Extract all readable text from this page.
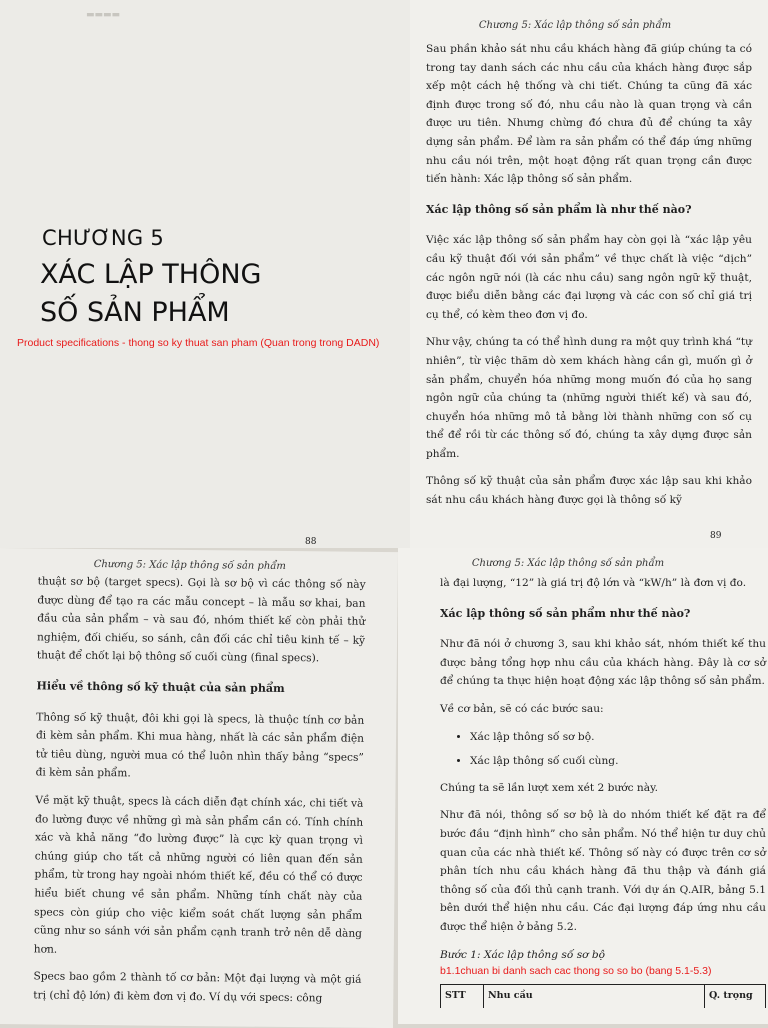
▬▬▬▬
CHƯƠNG 5
XÁC LẬP THÔNG
SỐ SẢN PHẨM
Product specifications - thong so ky thuat san pham (Quan trong trong DADN)
88
Chương 5: Xác lập thông số sản phẩm

Sau phần khảo sát nhu cầu khách hàng đã giúp chúng ta có trong tay danh sách các nhu cầu của khách hàng được sắp xếp một cách hệ thống và chi tiết. Chúng ta cũng đã xác định được trong số đó, nhu cầu nào là quan trọng và cần được ưu tiên. Nhưng chừng đó chưa đủ để chúng ta xây dựng sản phẩm. Để làm ra sản phẩm có thể đáp ứng những nhu cầu nói trên, một hoạt động rất quan trọng cần được tiến hành: Xác lập thông số sản phẩm.

Xác lập thông số sản phẩm là như thế nào?

Việc xác lập thông số sản phẩm hay còn gọi là “xác lập yêu cầu kỹ thuật đối với sản phẩm” về thực chất là việc “dịch” các ngôn ngữ nói (là các nhu cầu) sang ngôn ngữ kỹ thuật, được biểu diễn bằng các đại lượng và các con số chỉ giá trị cụ thể, có kèm theo đơn vị đo.

Như vậy, chúng ta có thể hình dung ra một quy trình khá “tự nhiên”, từ việc thăm dò xem khách hàng cần gì, muốn gì ở sản phẩm, chuyển hóa những mong muốn đó của họ sang ngôn ngữ của chúng ta (những người thiết kế) và sau đó, chuyển hóa những mô tả bằng lời thành những con số cụ thể để rồi từ các thông số đó, chúng ta xây dựng được sản phẩm.

Thông số kỹ thuật của sản phẩm được xác lập sau khi khảo sát nhu cầu khách hàng được gọi là thông số kỹ

89
Chương 5: Xác lập thông số sản phẩm

thuật sơ bộ (target specs). Gọi là sơ bộ vì các thông số này được dùng để tạo ra các mẫu concept – là mẫu sơ khai, ban đầu của sản phẩm – và sau đó, nhóm thiết kế còn phải thử nghiệm, đối chiếu, so sánh, cân đối các chỉ tiêu kinh tế – kỹ thuật để chốt lại bộ thông số cuối cùng (final specs).

Hiểu về thông số kỹ thuật của sản phẩm

Thông số kỹ thuật, đôi khi gọi là specs, là thuộc tính cơ bản đi kèm sản phẩm. Khi mua hàng, nhất là các sản phẩm điện tử tiêu dùng, người mua có thể luôn nhìn thấy bảng “specs” đi kèm sản phẩm.

Về mặt kỹ thuật, specs là cách diễn đạt chính xác, chi tiết và đo lường được về những gì mà sản phẩm cần có. Tính chính xác và khả năng “đo lường được” là cực kỳ quan trọng vì chúng giúp cho tất cả những người có liên quan đến sản phẩm, từ trong hay ngoài nhóm thiết kế, đều có thể có được hiểu biết chung về sản phẩm. Những tính chất này của specs còn giúp cho việc kiểm soát chất lượng sản phẩm cũng như so sánh với sản phẩm cạnh tranh trở nên dễ dàng hơn.

Specs bao gồm 2 thành tố cơ bản: Một đại lượng và một giá trị (chỉ độ lớn) đi kèm đơn vị đo. Ví dụ với specs: công

Chương 5: Xác lập thông số sản phẩm

là đại lượng, “12” là giá trị độ lớn và “kW/h” là đơn vị đo.

Xác lập thông số sản phẩm như thế nào?

Như đã nói ở chương 3, sau khi khảo sát, nhóm thiết kế thu được bảng tổng hợp nhu cầu của khách hàng. Đây là cơ sở để chúng ta thực hiện hoạt động xác lập thông số sản phẩm.

Về cơ bản, sẽ có các bước sau:

• Xác lập thông số sơ bộ.
• Xác lập thông số cuối cùng.

Chúng ta sẽ lần lượt xem xét 2 bước này.

Như đã nói, thông số sơ bộ là do nhóm thiết kế đặt ra để bước đầu “định hình” cho sản phẩm. Nó thể hiện tư duy chủ quan của các nhà thiết kế. Thông số này có được trên cơ sở phân tích nhu cầu khách hàng đã thu thập và đánh giá thông số của đối thủ cạnh tranh. Với dự án Q.AIR, bảng 5.1 bên dưới thể hiện nhu cầu. Các đại lượng đáp ứng nhu cầu được thể hiện ở bảng 5.2.

Bước 1: Xác lập thông số sơ bộ

b1.1chuan bi danh sach cac thong so so bo (bang 5.1-5.3)

STT	Nhu cầu	Q. trọng
